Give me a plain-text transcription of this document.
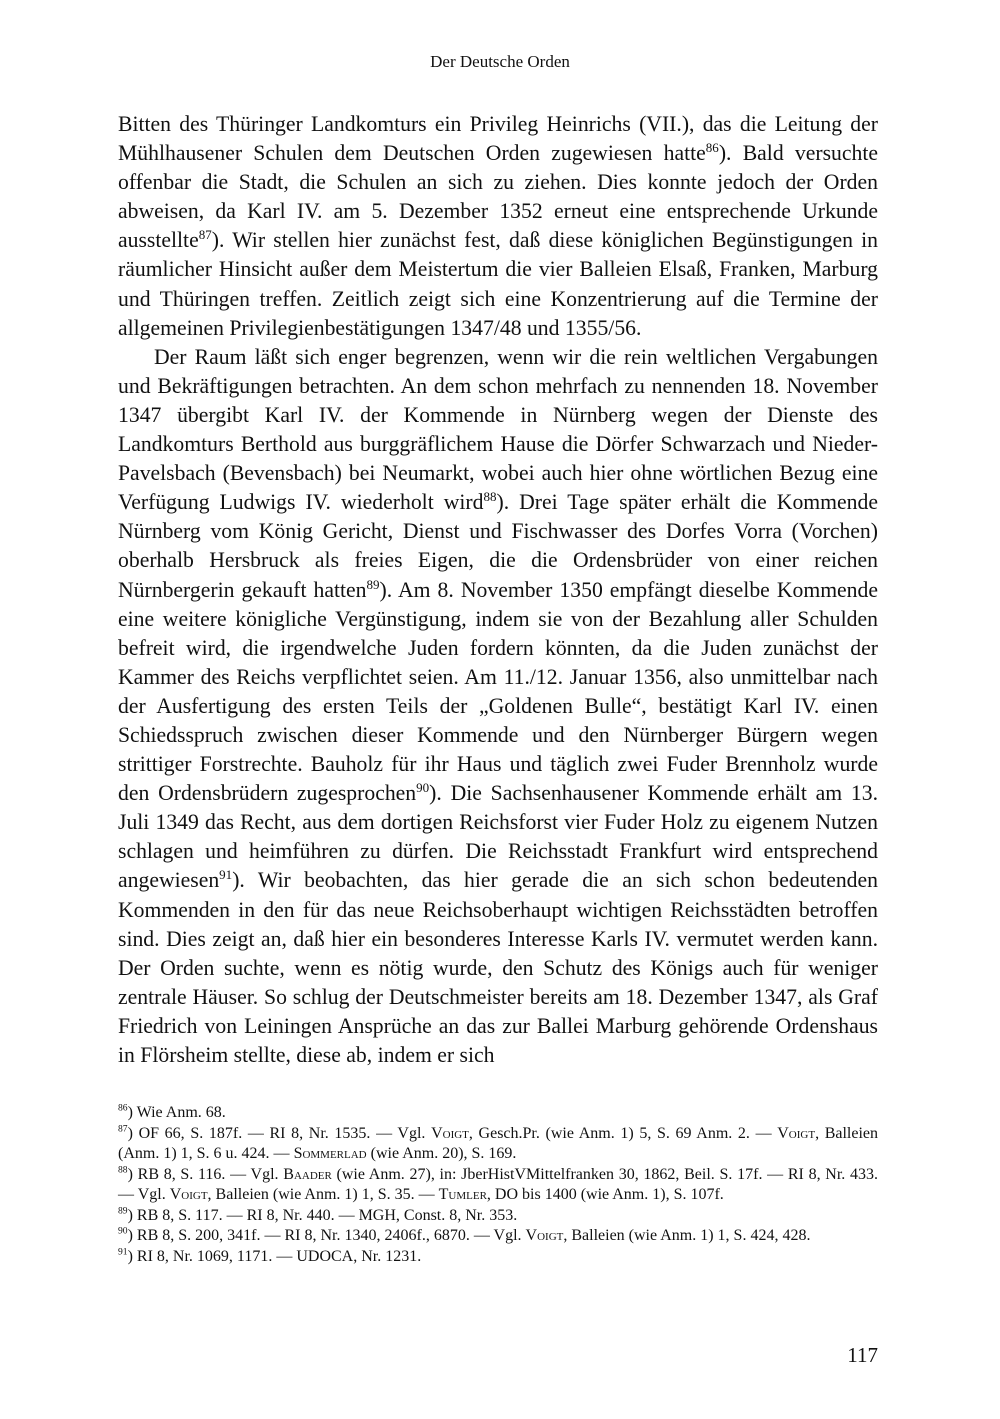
Der Deutsche Orden

Bitten des Thüringer Landkomturs ein Privileg Heinrichs (VII.), das die Leitung der Mühlhausener Schulen dem Deutschen Orden zugewiesen hatte$^{86}$). Bald versuchte offenbar die Stadt, die Schulen an sich zu ziehen. Dies konnte jedoch der Orden abweisen, da Karl IV. am 5. Dezember 1352 erneut eine entsprechende Urkunde ausstellte$^{87}$). Wir stellen hier zunächst fest, daß diese königlichen Begünstigungen in räumlicher Hinsicht außer dem Meistertum die vier Balleien Elsaß, Franken, Marburg und Thüringen treffen. Zeitlich zeigt sich eine Konzentrierung auf die Termine der allgemeinen Privilegienbestätigungen 1347/48 und 1355/56.

Der Raum läßt sich enger begrenzen, wenn wir die rein weltlichen Vergabungen und Bekräftigungen betrachten. An dem schon mehrfach zu nennenden 18. November 1347 übergibt Karl IV. der Kommende in Nürnberg wegen der Dienste des Landkomturs Berthold aus burggräflichem Hause die Dörfer Schwarzach und Nieder-Pavelsbach (Bevensbach) bei Neumarkt, wobei auch hier ohne wörtlichen Bezug eine Verfügung Ludwigs IV. wiederholt wird$^{88}$). Drei Tage später erhält die Kommende Nürnberg vom König Gericht, Dienst und Fischwasser des Dorfes Vorra (Vorchen) oberhalb Hersbruck als freies Eigen, die die Ordensbrüder von einer reichen Nürnbergerin gekauft hatten$^{89}$). Am 8. November 1350 empfängt dieselbe Kommende eine weitere königliche Vergünstigung, indem sie von der Bezahlung aller Schulden befreit wird, die irgendwelche Juden fordern könnten, da die Juden zunächst der Kammer des Reichs verpflichtet seien. Am 11./12. Januar 1356, also unmittelbar nach der Ausfertigung des ersten Teils der „Goldenen Bulle“, bestätigt Karl IV. einen Schiedsspruch zwischen dieser Kommende und den Nürnberger Bürgern wegen strittiger Forstrechte. Bauholz für ihr Haus und täglich zwei Fuder Brennholz wurde den Ordensbrüdern zugesprochen$^{90}$). Die Sachsenhausener Kommende erhält am 13. Juli 1349 das Recht, aus dem dortigen Reichsforst vier Fuder Holz zu eigenem Nutzen schlagen und heimführen zu dürfen. Die Reichsstadt Frankfurt wird entsprechend angewiesen$^{91}$). Wir beobachten, das hier gerade die an sich schon bedeutenden Kommenden in den für das neue Reichsoberhaupt wichtigen Reichsstädten betroffen sind. Dies zeigt an, daß hier ein besonderes Interesse Karls IV. vermutet werden kann. Der Orden suchte, wenn es nötig wurde, den Schutz des Königs auch für weniger zentrale Häuser. So schlug der Deutschmeister bereits am 18. Dezember 1347, als Graf Friedrich von Leiningen Ansprüche an das zur Ballei Marburg gehörende Ordenshaus in Flörsheim stellte, diese ab, indem er sich

$^{86}$) Wie Anm. 68.

$^{87}$) OF 66, S. 187f. — RI 8, Nr. 1535. — Vgl. Voigt, Gesch.Pr. (wie Anm. 1) 5, S. 69 Anm. 2. — Voigt, Balleien (Anm. 1) 1, S. 6 u. 424. — Sommerlad (wie Anm. 20), S. 169.

$^{88}$) RB 8, S. 116. — Vgl. Baader (wie Anm. 27), in: JberHistVMittelfranken 30, 1862, Beil. S. 17f. — RI 8, Nr. 433. — Vgl. Voigt, Balleien (wie Anm. 1) 1, S. 35. — Tumler, DO bis 1400 (wie Anm. 1), S. 107f.

$^{89}$) RB 8, S. 117. — RI 8, Nr. 440. — MGH, Const. 8, Nr. 353.

$^{90}$) RB 8, S. 200, 341f. — RI 8, Nr. 1340, 2406f., 6870. — Vgl. Voigt, Balleien (wie Anm. 1) 1, S. 424, 428.

$^{91}$) RI 8, Nr. 1069, 1171. — UDOCA, Nr. 1231.

117
